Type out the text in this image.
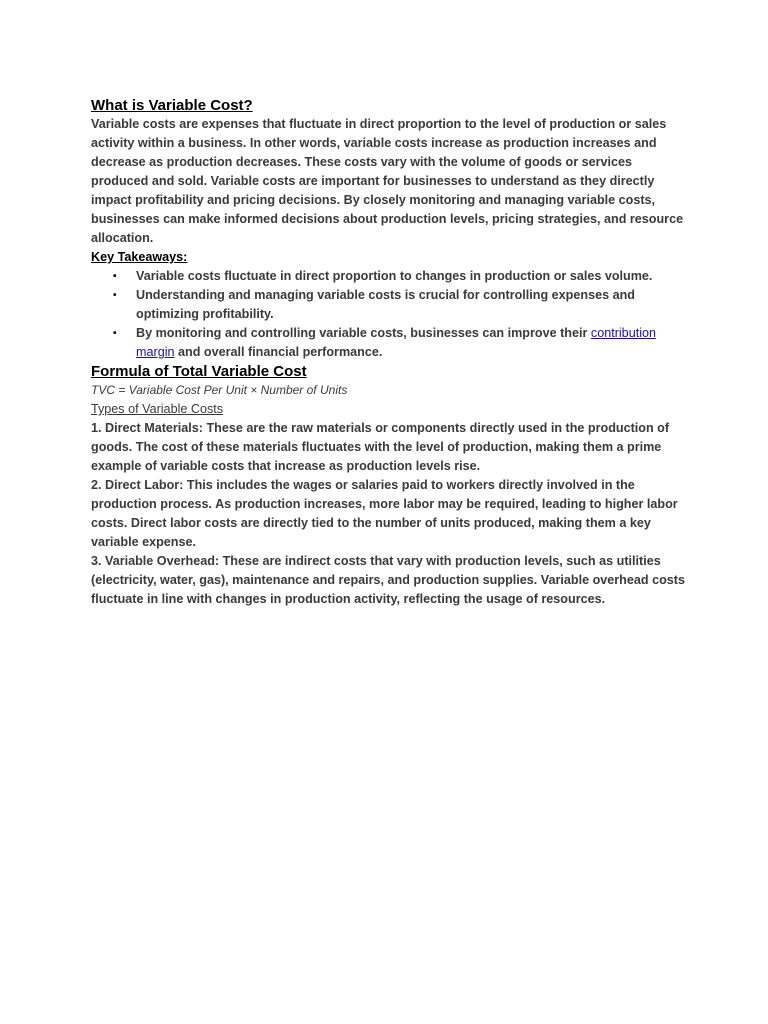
What is Variable Cost?

Variable costs are expenses that fluctuate in direct proportion to the level of production or sales activity within a business. In other words, variable costs increase as production increases and decrease as production decreases. These costs vary with the volume of goods or services produced and sold. Variable costs are important for businesses to understand as they directly impact profitability and pricing decisions. By closely monitoring and managing variable costs, businesses can make informed decisions about production levels, pricing strategies, and resource allocation.

Key Takeaways:

• Variable costs fluctuate in direct proportion to changes in production or sales volume.
• Understanding and managing variable costs is crucial for controlling expenses and optimizing profitability.
• By monitoring and controlling variable costs, businesses can improve their contribution margin and overall financial performance.
Formula of Total Variable Cost

TVC = Variable Cost Per Unit × Number of Units

Types of Variable Costs

1. Direct Materials: These are the raw materials or components directly used in the production of goods. The cost of these materials fluctuates with the level of production, making them a prime example of variable costs that increase as production levels rise.

2. Direct Labor: This includes the wages or salaries paid to workers directly involved in the production process. As production increases, more labor may be required, leading to higher labor costs. Direct labor costs are directly tied to the number of units produced, making them a key variable expense.

3. Variable Overhead: These are indirect costs that vary with production levels, such as utilities (electricity, water, gas), maintenance and repairs, and production supplies. Variable overhead costs fluctuate in line with changes in production activity, reflecting the usage of resources.
